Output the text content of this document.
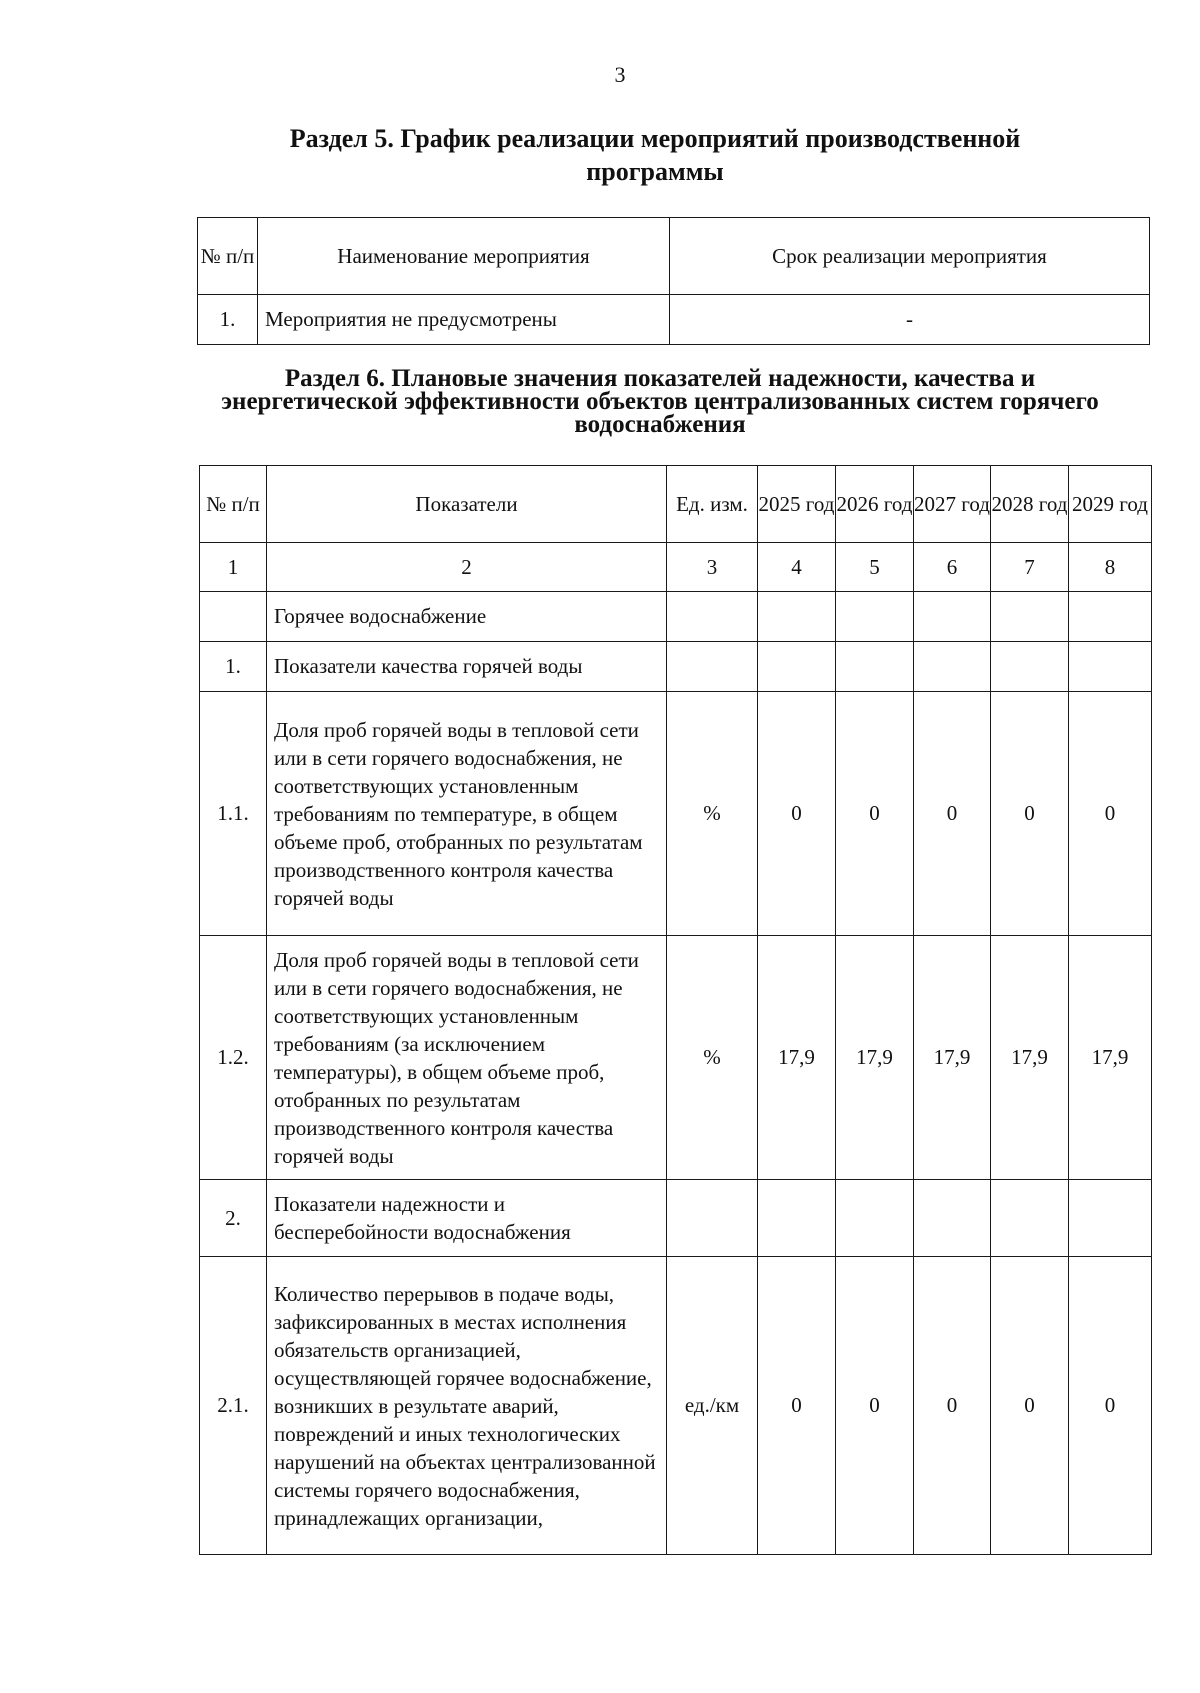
3
Раздел 5. График реализации мероприятий производственной программы
№ п/п	Наименование мероприятия	Срок реализации мероприятия
1.	Мероприятия не предусмотрены	-
Раздел 6. Плановые значения показателей надежности, качества и энергетической эффективности объектов централизованных систем горячего водоснабжения
№ п/п	Показатели	Ед. изм.	2025 год	2026 год	2027 год	2028 год	2029 год
1	2	3	4	5	6	7	8
	Горячее водоснабжение						
1.	Показатели качества горячей воды						
1.1.	Доля проб горячей воды в тепловой сети или в сети горячего водоснабжения, не соответствующих установленным требованиям по температуре, в общем объеме проб, отобранных по результатам производственного контроля качества горячей воды	%	0	0	0	0	0
1.2.	Доля проб горячей воды в тепловой сети или в сети горячего водоснабжения, не соответствующих установленным требованиям (за исключением температуры), в общем объеме проб, отобранных по результатам производственного контроля качества горячей воды	%	17,9	17,9	17,9	17,9	17,9
2.	Показатели надежности и бесперебойности водоснабжения						
2.1.	Количество перерывов в подаче воды, зафиксированных в местах исполнения обязательств организацией, осуществляющей горячее водоснабжение, возникших в результате аварий, повреждений и иных технологических нарушений на объектах централизованной системы горячего водоснабжения, принадлежащих организации,	ед./км	0	0	0	0	0
